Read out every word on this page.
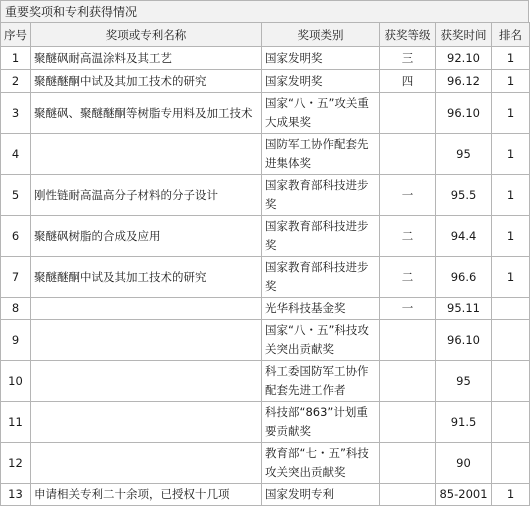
重要奖项和专利获得情况
序号	奖项或专利名称	奖项类别	获奖等级	获奖时间	排名
1	聚醚砜耐高温涂料及其工艺	国家发明奖	三	92.10	1
2	聚醚醚酮中试及其加工技术的研究	国家发明奖	四	96.12	1
3	聚醚砜、聚醚醚酮等树脂专用料及加工技术	国家“八・五”攻关重大成果奖		96.10	1
4		国防军工协作配套先进集体奖		95	1
5	刚性链耐高温高分子材料的分子设计	国家教育部科技进步奖	一	95.5	1
6	聚醚砜树脂的合成及应用	国家教育部科技进步奖	二	94.4	1
7	聚醚醚酮中试及其加工技术的研究	国家教育部科技进步奖	二	96.6	1
8		光华科技基金奖	一	95.11	
9		国家“八・五”科技攻关突出贡献奖		96.10	
10		科工委国防军工协作配套先进工作者		95	
11		科技部“863”计划重要贡献奖		91.5	
12		教育部“七・五”科技攻关突出贡献奖		90	
13	申请相关专利二十余项，已授权十几项	国家发明专利		85-2001	1
